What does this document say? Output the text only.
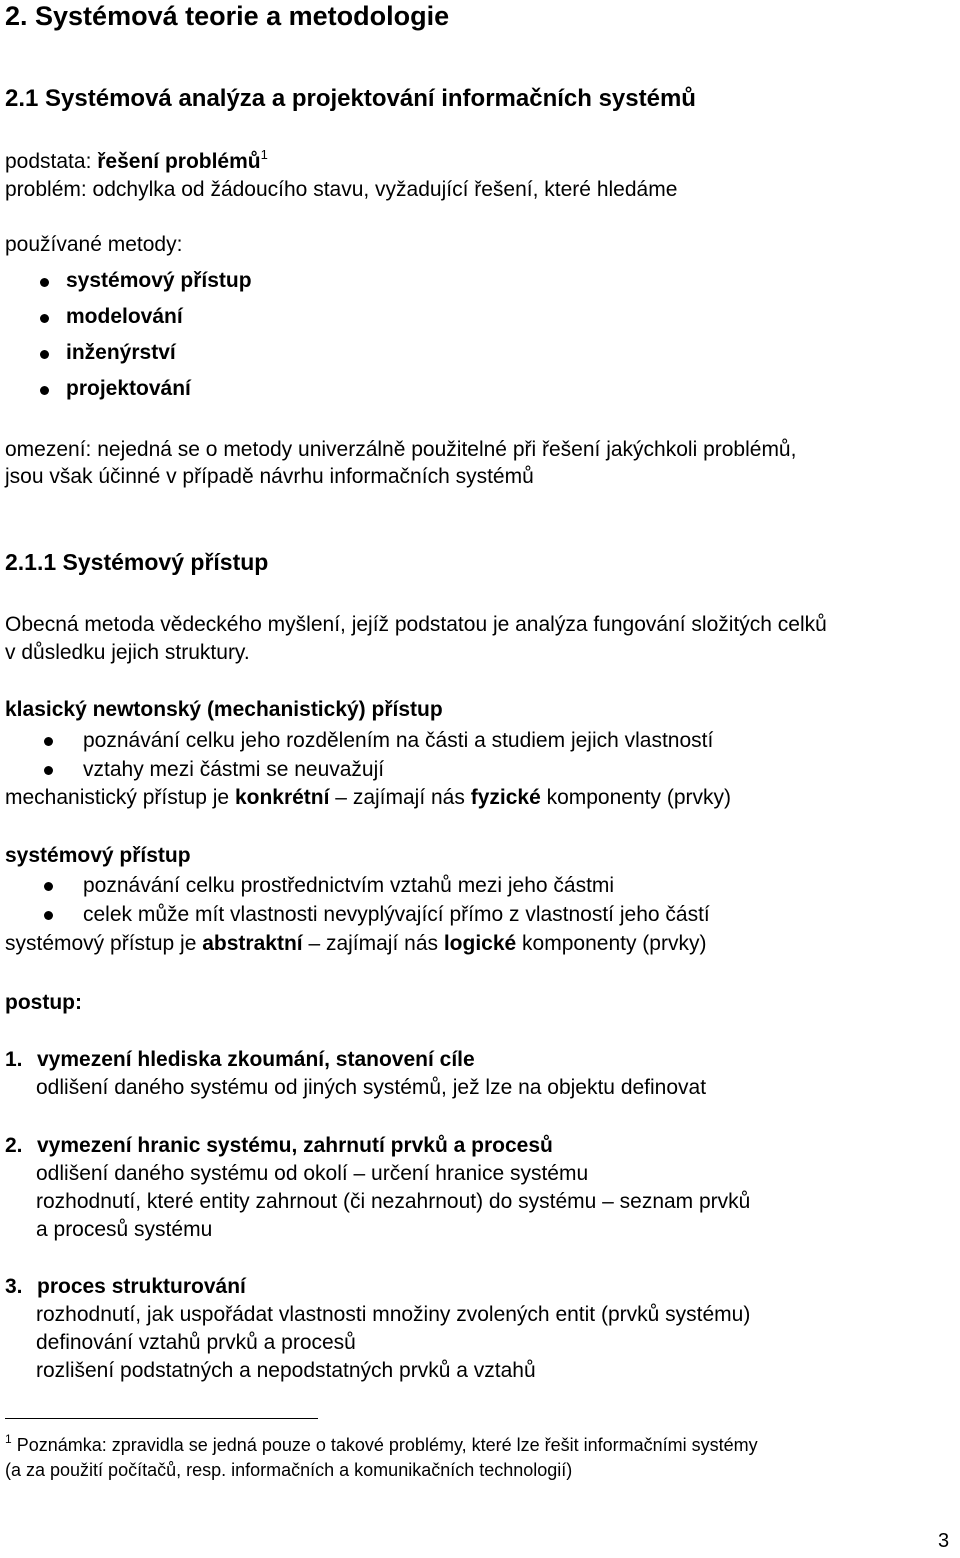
2. Systémová teorie a metodologie
2.1 Systémová analýza a projektování informačních systémů
podstata: řešení problémů$^1$
problém: odchylka od žádoucího stavu, vyžadující řešení, které hledáme
používané metody:
systémový přístup
modelování
inženýrství
projektování
omezení: nejedná se o metody univerzálně použitelné při řešení jakýchkoli problémů,
jsou však účinné v případě návrhu informačních systémů
2.1.1 Systémový přístup
Obecná metoda vědeckého myšlení, jejíž podstatou je analýza fungování složitých celků
v důsledku jejich struktury.
klasický newtonský (mechanistický) přístup
poznávání celku jeho rozdělením na části a studiem jejich vlastností
vztahy mezi částmi se neuvažují
mechanistický přístup je konkrétní – zajímají nás fyzické komponenty (prvky)
systémový přístup
poznávání celku prostřednictvím vztahů mezi jeho částmi
celek může mít vlastnosti nevyplývající přímo z vlastností jeho částí
systémový přístup je abstraktní – zajímají nás logické komponenty (prvky)
postup:
1. vymezení hlediska zkoumání, stanovení cíle
odlišení daného systému od jiných systémů, jež lze na objektu definovat
2. vymezení hranic systému, zahrnutí prvků a procesů
odlišení daného systému od okolí – určení hranice systému
rozhodnutí, které entity zahrnout (či nezahrnout) do systému – seznam prvků
a procesů systému
3. proces strukturování
rozhodnutí, jak uspořádat vlastnosti množiny zvolených entit (prvků systému)
definování vztahů prvků a procesů
rozlišení podstatných a nepodstatných prvků a vztahů
$^1$ Poznámka: zpravidla se jedná pouze o takové problémy, které lze řešit informačními systémy
(a za použití počítačů, resp. informačních a komunikačních technologií)
3
